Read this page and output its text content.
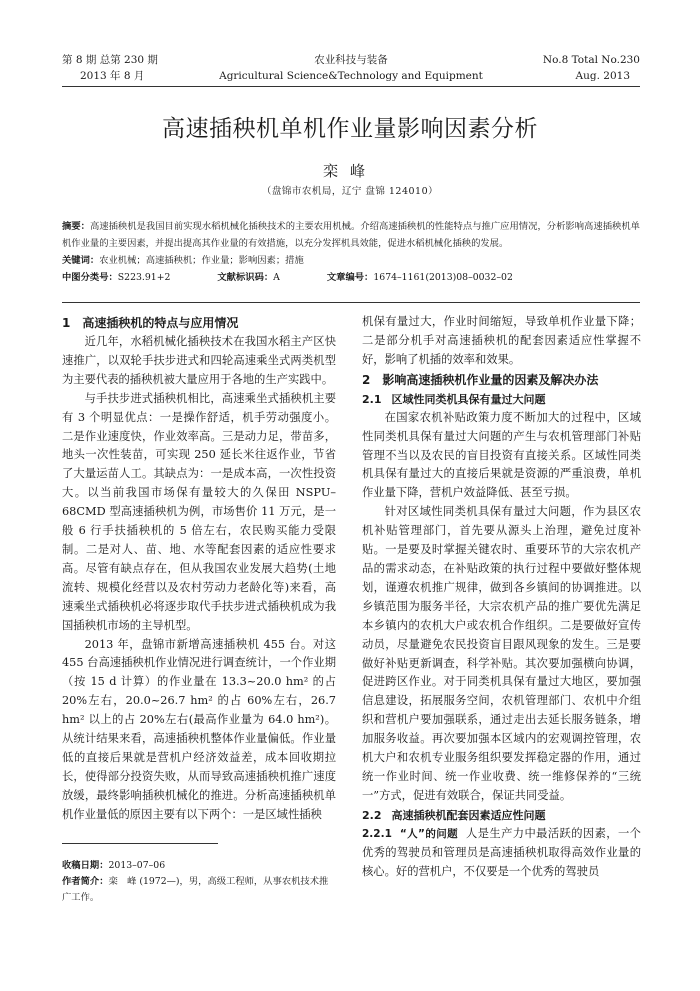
第 8 期 总第 230 期
2013 年 8 月
农业科技与装备
Agricultural Science&Technology and Equipment
No.8 Total No.230
Aug. 2013
高速插秧机单机作业量影响因素分析
栾峰
（盘锦市农机局，辽宁 盘锦 124010）
摘要：高速插秧机是我国目前实现水稻机械化插秧技术的主要农用机械。介绍高速插秧机的性能特点与推广应用情况，分析影响高速插秧机单机作业量的主要因素，并提出提高其作业量的有效措施，以充分发挥机具效能，促进水稻机械化插秧的发展。
关键词：农业机械；高速插秧机；作业量；影响因素；措施
中图分类号：S223.91+2	文献标识码：A	文章编号：1674–1161(2013)08–0032–02
1 高速插秧机的特点与应用情况

近几年，水稻机械化插秧技术在我国水稻主产区快速推广，以双轮手扶步进式和四轮高速乘坐式两类机型为主要代表的插秧机被大量应用于各地的生产实践中。

与手扶步进式插秧机相比，高速乘坐式插秧机主要有 3 个明显优点：一是操作舒适，机手劳动强度小。二是作业速度快，作业效率高。三是动力足，带苗多，地头一次性装苗，可实现 250 延长米往返作业，节省了大量运苗人工。其缺点为：一是成本高，一次性投资大。以当前我国市场保有量较大的久保田 NSPU–68CMD 型高速插秧机为例，市场售价 11 万元，是一般 6 行手扶插秧机的 5 倍左右，农民购买能力受限制。二是对人、苗、地、水等配套因素的适应性要求高。尽管有缺点存在，但从我国农业发展大趋势(土地流转、规模化经营以及农村劳动力老龄化等)来看，高速乘坐式插秧机必将逐步取代手扶步进式插秧机成为我国插秧机市场的主导机型。

2013 年，盘锦市新增高速插秧机 455 台。对这 455 台高速插秧机作业情况进行调查统计，一个作业期（按 15 d 计算）的作业量在 13.3~20.0 hm² 的占 20%左右，20.0~26.7 hm² 的占 60%左右，26.7 hm² 以上的占 20%左右(最高作业量为 64.0 hm²)。从统计结果来看，高速插秧机整体作业量偏低。作业量低的直接后果就是营机户经济效益差，成本回收期拉长，使得部分投资失败，从而导致高速插秧机推广速度放缓，最终影响插秧机械化的推进。分析高速插秧机单机作业量低的原因主要有以下两个：一是区域性插秧

收稿日期：2013–07–06
作者简介：栾　峰 (1972—)，男，高级工程师，从事农机技术推广工作。

机保有量过大，作业时间缩短，导致单机作业量下降；二是部分机手对高速插秧机的配套因素适应性掌握不好，影响了机插的效率和效果。

2 影响高速插秧机作业量的因素及解决办法
2.1 区域性同类机具保有量过大问题

在国家农机补贴政策力度不断加大的过程中，区域性同类机具保有量过大问题的产生与农机管理部门补贴管理不当以及农民的盲目投资有直接关系。区域性同类机具保有量过大的直接后果就是资源的严重浪费，单机作业量下降，营机户效益降低、甚至亏损。

针对区域性同类机具保有量过大问题，作为县区农机补贴管理部门，首先要从源头上治理，避免过度补贴。一是要及时掌握关键农时、重要环节的大宗农机产品的需求动态，在补贴政策的执行过程中要做好整体规划，谨遵农机推广规律，做到各乡镇间的协调推进。以乡镇范围为服务半径，大宗农机产品的推广要优先满足本乡镇内的农机大户或农机合作组织。二是要做好宣传动员，尽量避免农民投资盲目跟风现象的发生。三是要做好补贴更新调查，科学补贴。其次要加强横向协调，促进跨区作业。对于同类机具保有量过大地区，要加强信息建设，拓展服务空间，农机管理部门、农机中介组织和营机户要加强联系，通过走出去延长服务链条，增加服务收益。再次要加强本区域内的宏观调控管理，农机大户和农机专业服务组织要发挥稳定器的作用，通过统一作业时间、统一作业收费、统一维修保养的“三统一”方式，促进有效联合，保证共同受益。

2.2 高速插秧机配套因素适应性问题

2.2.1 “人”的问题 人是生产力中最活跃的因素，一个优秀的驾驶员和管理员是高速插秧机取得高效作业量的核心。好的营机户，不仅要是一个优秀的驾驶员
